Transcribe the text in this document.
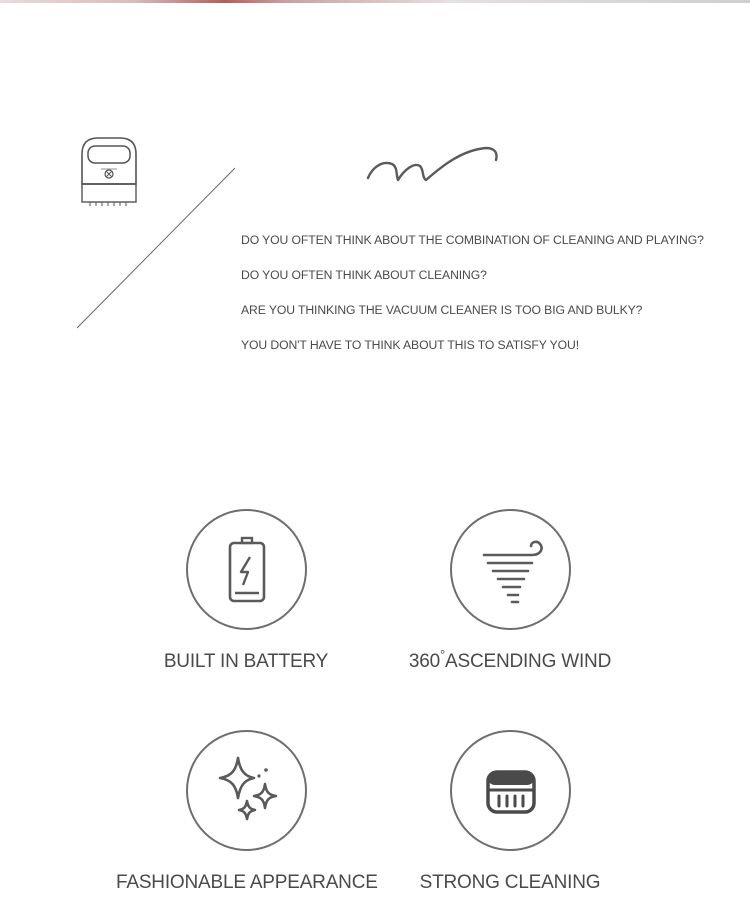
DO YOU OFTEN THINK ABOUT THE COMBINATION OF CLEANING AND PLAYING?
DO YOU OFTEN THINK ABOUT CLEANING?
ARE YOU THINKING THE VACUUM CLEANER IS TOO BIG AND BULKY?
YOU DON'T HAVE TO THINK ABOUT THIS TO SATISFY YOU!
BUILT IN BATTERY	360°ASCENDING WIND
FASHIONABLE APPEARANCE	STRONG CLEANING
